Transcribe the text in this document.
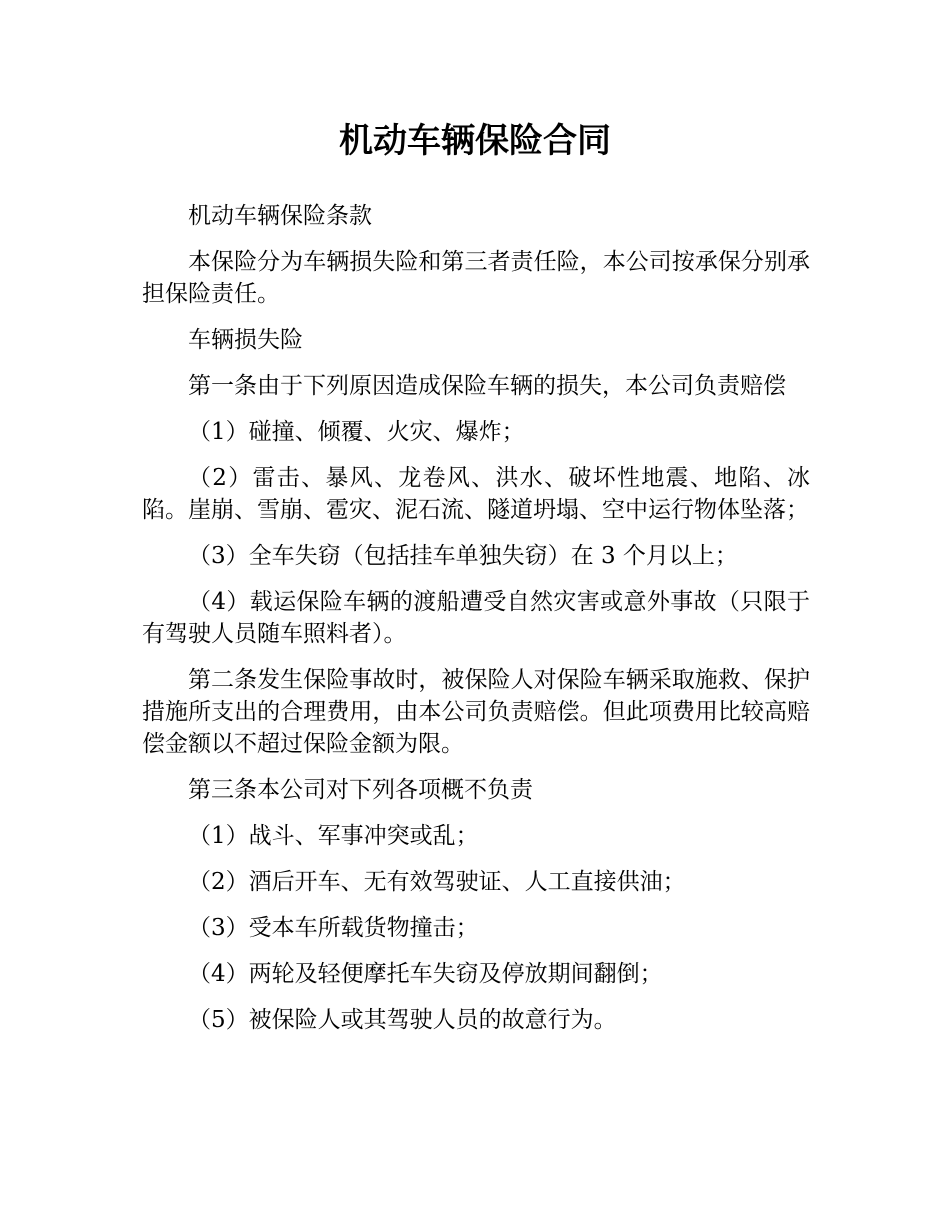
机动车辆保险合同

机动车辆保险条款

本保险分为车辆损失险和第三者责任险，本公司按承保分别承担保险责任。

车辆损失险

第一条由于下列原因造成保险车辆的损失，本公司负责赔偿

（1）碰撞、倾覆、火灾、爆炸；

（2）雷击、暴风、龙卷风、洪水、破坏性地震、地陷、冰陷。崖崩、雪崩、雹灾、泥石流、隧道坍塌、空中运行物体坠落；

（3）全车失窃（包括挂车单独失窃）在 3 个月以上；

（4）载运保险车辆的渡船遭受自然灾害或意外事故（只限于有驾驶人员随车照料者）。

第二条发生保险事故时，被保险人对保险车辆采取施救、保护措施所支出的合理费用，由本公司负责赔偿。但此项费用比较高赔偿金额以不超过保险金额为限。

第三条本公司对下列各项概不负责

（1）战斗、军事冲突或乱；

（2）酒后开车、无有效驾驶证、人工直接供油；

（3）受本车所载货物撞击；

（4）两轮及轻便摩托车失窃及停放期间翻倒；

（5）被保险人或其驾驶人员的故意行为。
